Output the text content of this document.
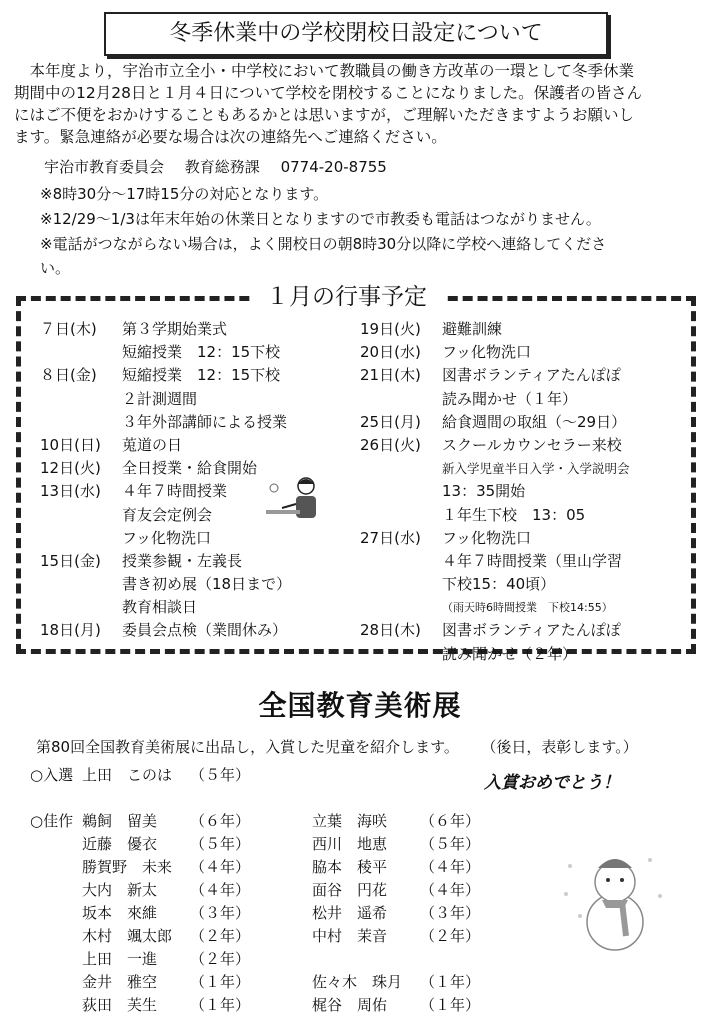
冬季休業中の学校閉校日設定について
本年度より，宇治市立全小・中学校において教職員の働き方改革の一環として冬季休業
期間中の12月28日と１月４日について学校を閉校することになりました。保護者の皆さん
にはご不便をおかけすることもあるかとは思いますが，ご理解いただきますようお願いし
ます。緊急連絡が必要な場合は次の連絡先へご連絡ください。
宇治市教育委員会 教育総務課 0774-20-8755
※ 8時30分～17時15分の対応となります。
※ 12/29～1/3は年末年始の休業日となりますので市教委も電話はつながりません。
※ 電話がつながらない場合は，よく開校日の朝8時30分以降に学校へ連絡してくださ
い。
１月の行事予定
７日(木)	第３学期始業式
短縮授業　12：15下校
８日(金)	短縮授業　12：15下校
２計測週間
３年外部講師による授業
10日(日)	莵道の日
12日(火)	全日授業・給食開始
13日(水)	４年７時間授業
育友会定例会
フッ化物洗口
15日(金)	授業参観・左義長
書き初め展（18日まで）
教育相談日
18日(月)	委員会点検（業間休み）
19日(火)	避難訓練
20日(水)	フッ化物洗口
21日(木)	図書ボランティアたんぽぽ
読み聞かせ（１年）
25日(月)	給食週間の取組（～29日）
26日(火)	スクールカウンセラー来校
新入学児童半日入学・入学説明会
13：35開始
１年生下校　13：05
27日(水)	フッ化物洗口
４年７時間授業（里山学習
下校15：40頃）
（雨天時6時間授業　下校14:55）
28日(木)	図書ボランティアたんぽぽ
読み聞かせ（２年）
全国教育美術展
第80回全国教育美術展に出品し，入賞した児童を紹介します。 （後日，表彰します。）
入賞おめでとう！
○入選 上田　このは	（５年）
○佳作 鵜飼　留美	（６年）	立葉　海咲	（６年）
近藤　優衣	（５年）	西川　地恵	（５年）
勝賀野　未来	（４年）	脇本　稜平	（４年）
大内　新太	（４年）	面谷　円花	（４年）
坂本　來維	（３年）	松井　遥希	（３年）
木村　颯太郎	（２年）	中村　茉音	（２年）
上田　一進	（２年）
金井　雅空	（１年）	佐々木　珠月	（１年）
荻田　芙生	（１年）	梶谷　周佑	（１年）
